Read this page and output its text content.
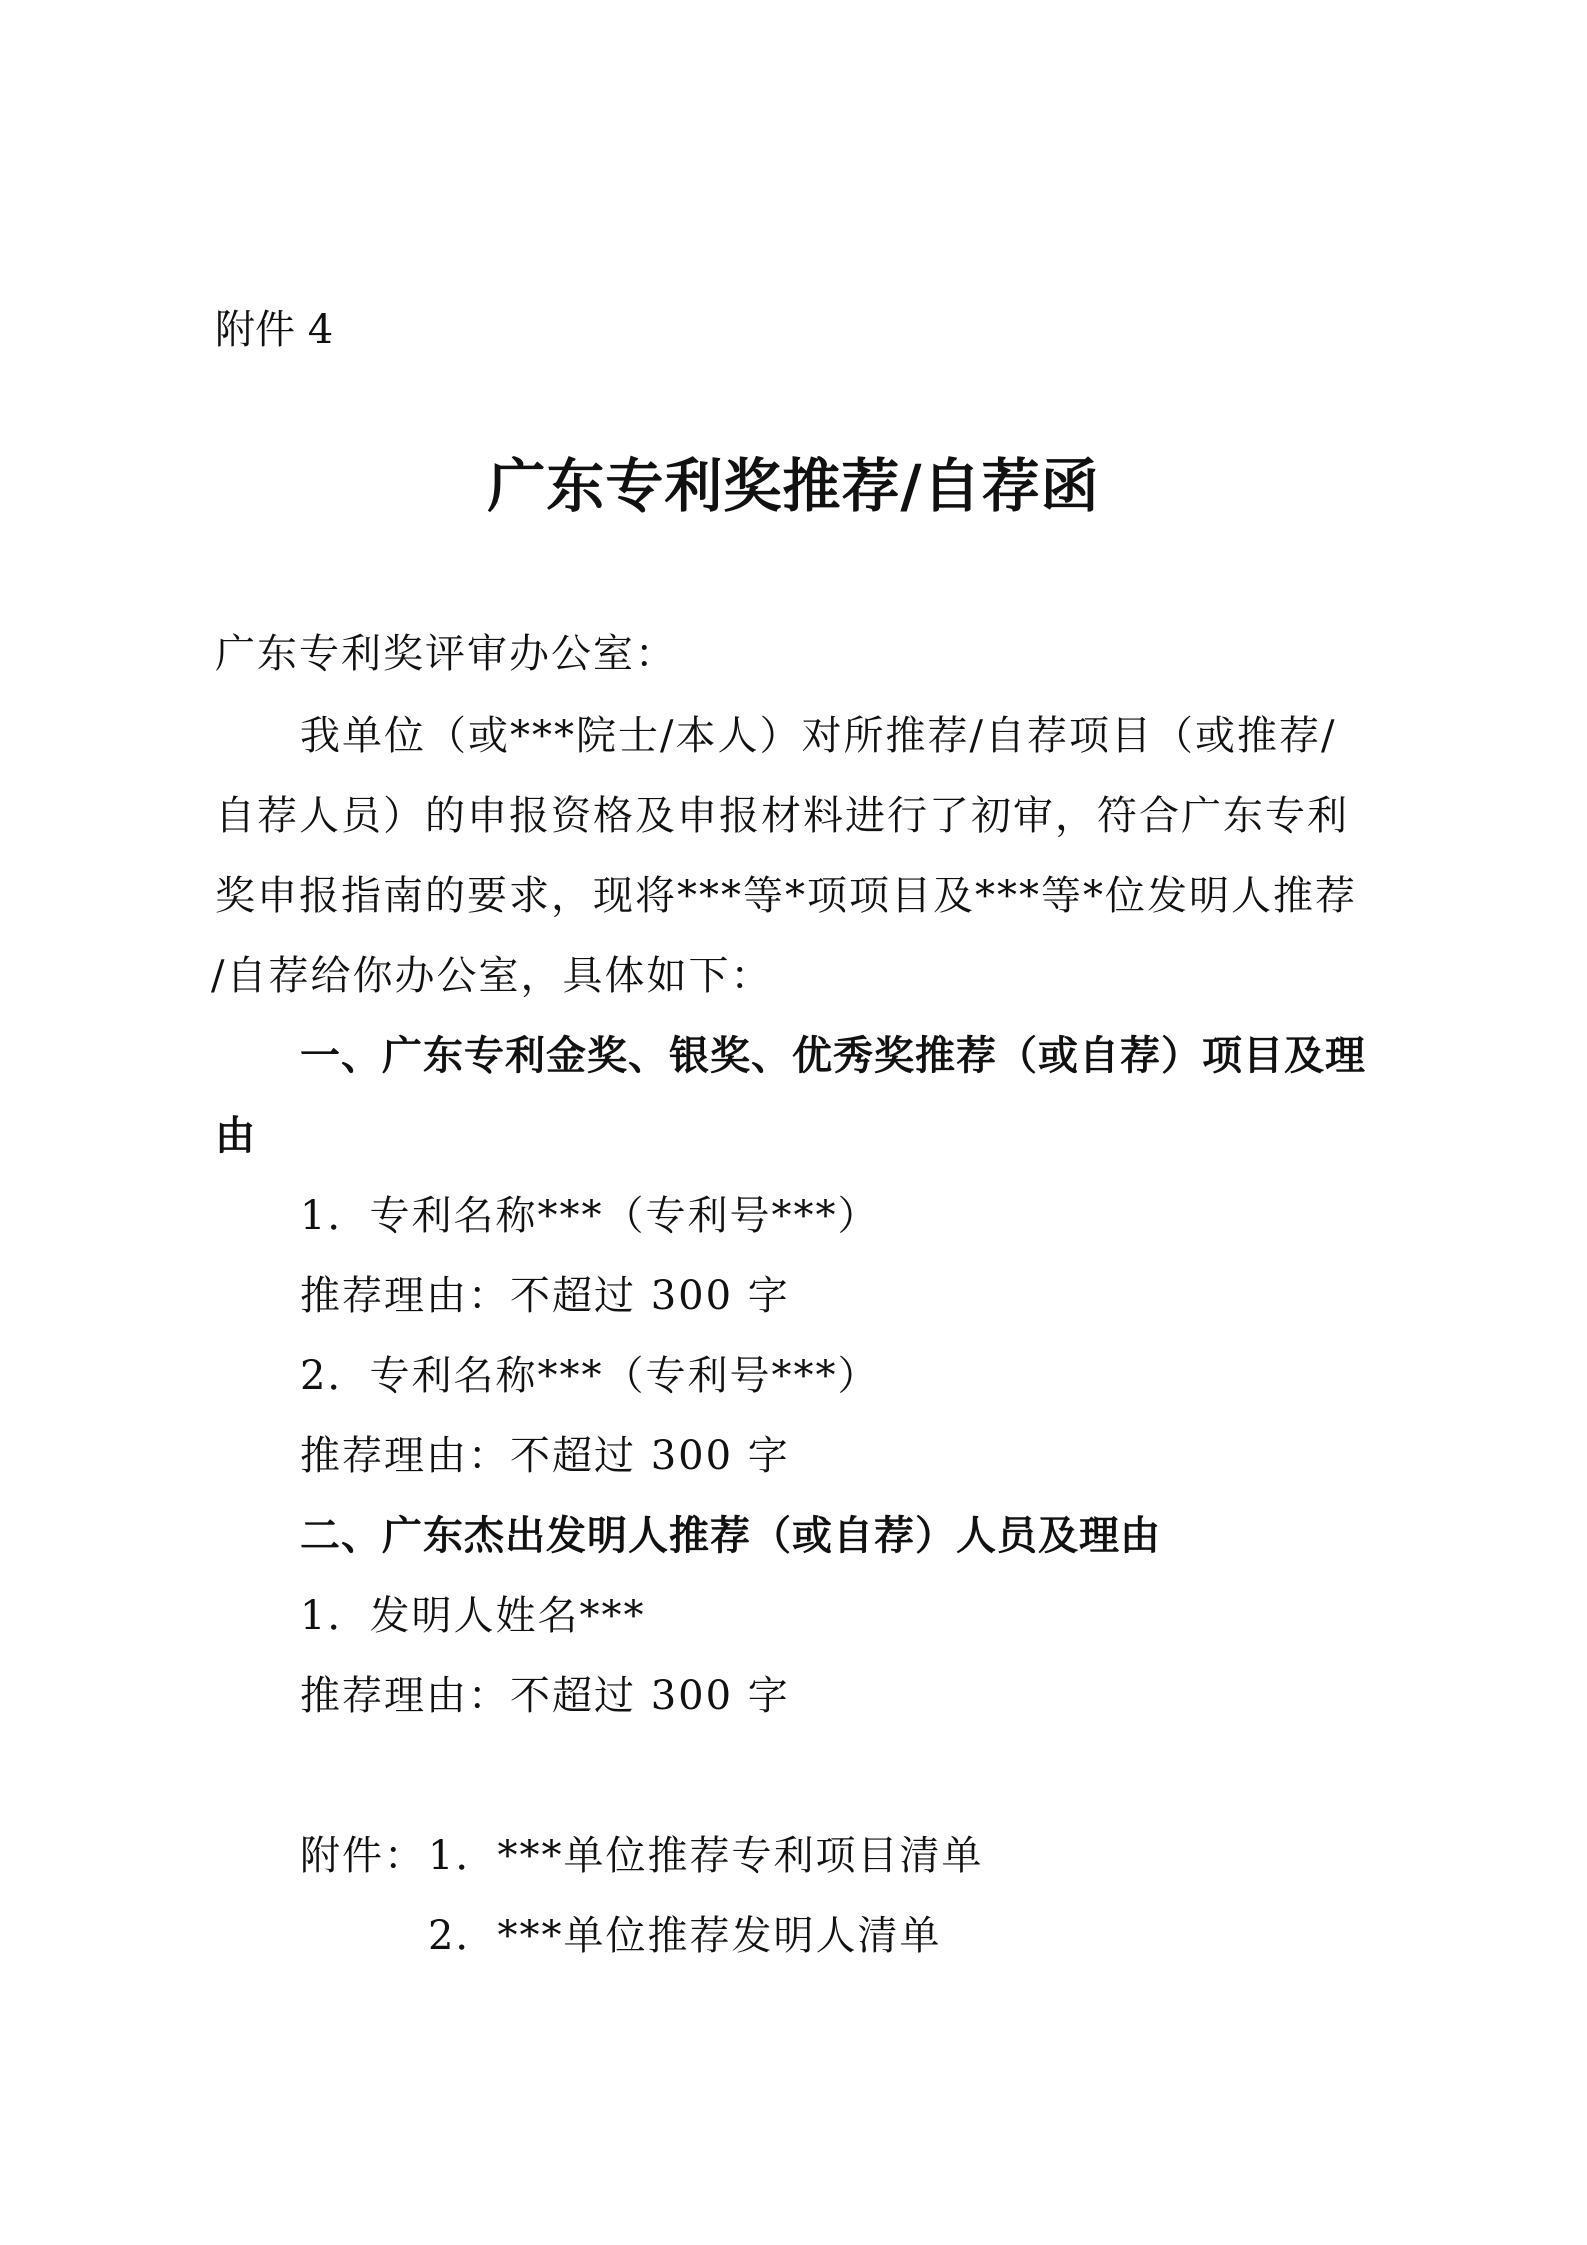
附件 4
广东专利奖推荐/自荐函
广东专利奖评审办公室：
我单位（或***院士/本人）对所推荐/自荐项目（或推荐/
自荐人员）的申报资格及申报材料进行了初审，符合广东专利
奖申报指南的要求，现将***等*项项目及***等*位发明人推荐
/自荐给你办公室，具体如下：
一、广东专利金奖、银奖、优秀奖推荐（或自荐）项目及理
由
1．专利名称***（专利号***）
推荐理由：不超过 300 字
2．专利名称***（专利号***）
推荐理由：不超过 300 字
二、广东杰出发明人推荐（或自荐）人员及理由
1．发明人姓名***
推荐理由：不超过 300 字
附件： 1．***单位推荐专利项目清单
2．***单位推荐发明人清单
